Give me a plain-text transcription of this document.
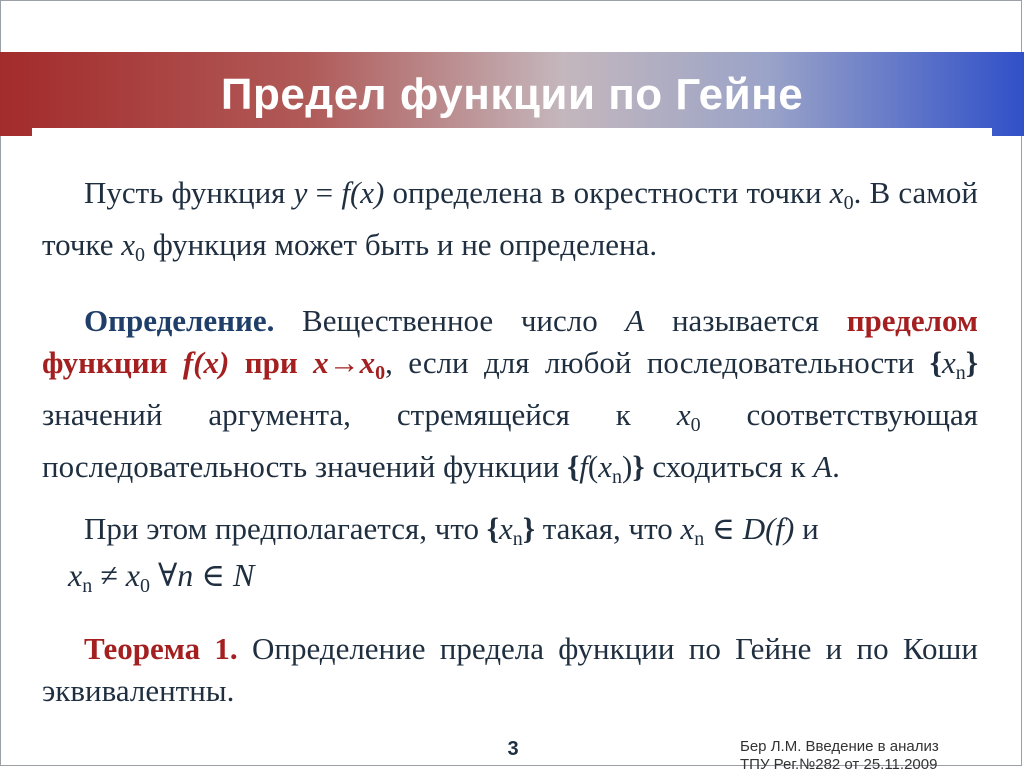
Предел функции по Гейне

Пусть функция y = f(x) определена в окрестности точки $x_0$. В самой точке $x_0$ функция может быть и не определена.

Определение. Вещественное число A называется пределом функции f(x) при $x\to x_0$, если для любой последовательности $\{x_n\}$ значений аргумента, стремящейся к $x_0$ соответствующая последовательность значений функции $\{f(x_n)\}$ сходиться к A.

При этом предполагается, что $\{x_n\}$ такая, что $x_n$ ∈ D(f) и

$x_n \ne x_0$ ∀n ∈ N

Теорема 1. Определение предела функции по Гейне и по Коши эквивалентны.

3	Бер Л.М. Введение в анализ
ТПУ Рег.№282 от 25.11.2009
